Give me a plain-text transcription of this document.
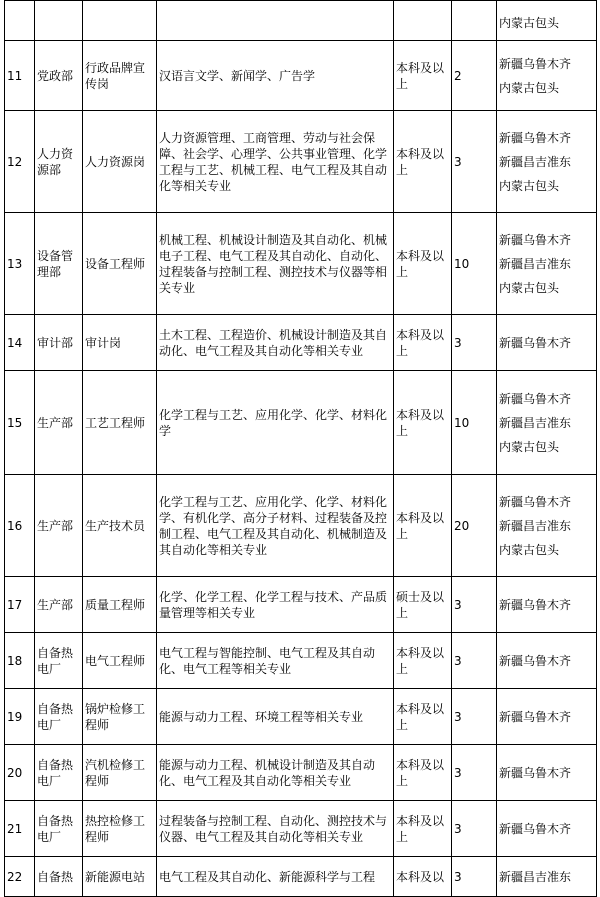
						内蒙古包头

11	党政部	行政品牌宣传岗	汉语言文学、新闻学、广告学	本科及以上	2	新疆乌鲁木齐
内蒙古包头

12	人力资源部	人力资源岗	人力资源管理、工商管理、劳动与社会保障、社会学、心理学、公共事业管理、化学工程与工艺、机械工程、电气工程及其自动化等相关专业	本科及以上	3	新疆乌鲁木齐
新疆昌吉准东
内蒙古包头

13	设备管理部	设备工程师	机械工程、机械设计制造及其自动化、机械电子工程、电气工程及其自动化、自动化、过程装备与控制工程、测控技术与仪器等相关专业	本科及以上	10	新疆乌鲁木齐
新疆昌吉准东
内蒙古包头

14	审计部	审计岗	土木工程、工程造价、机械设计制造及其自动化、电气工程及其自动化等相关专业	本科及以上	3	新疆乌鲁木齐

15	生产部	工艺工程师	化学工程与工艺、应用化学、化学、材料化学	本科及以上	10	新疆乌鲁木齐
新疆昌吉准东
内蒙古包头

16	生产部	生产技术员	化学工程与工艺、应用化学、化学、材料化学、有机化学、高分子材料、过程装备及控制工程、电气工程及其自动化、机械制造及其自动化等相关专业	本科及以上	20	新疆乌鲁木齐
新疆昌吉准东
内蒙古包头

17	生产部	质量工程师	化学、化学工程、化学工程与技术、产品质量管理等相关专业	硕士及以上	3	新疆乌鲁木齐

18	自备热电厂	电气工程师	电气工程与智能控制、电气工程及其自动化、电气工程等相关专业	本科及以上	3	新疆乌鲁木齐

19	自备热电厂	锅炉检修工程师	能源与动力工程、环境工程等相关专业	本科及以上	3	新疆乌鲁木齐

20	自备热电厂	汽机检修工程师	能源与动力工程、机械设计制造及其自动化、电气工程及其自动化等相关专业	本科及以上	3	新疆乌鲁木齐

21	自备热电厂	热控检修工程师	过程装备与控制工程、自动化、测控技术与仪器、电气工程及其自动化等相关专业	本科及以上	3	新疆乌鲁木齐

22	自备热	新能源电站	电气工程及其自动化、新能源科学与工程	本科及以	3	新疆昌吉准东
